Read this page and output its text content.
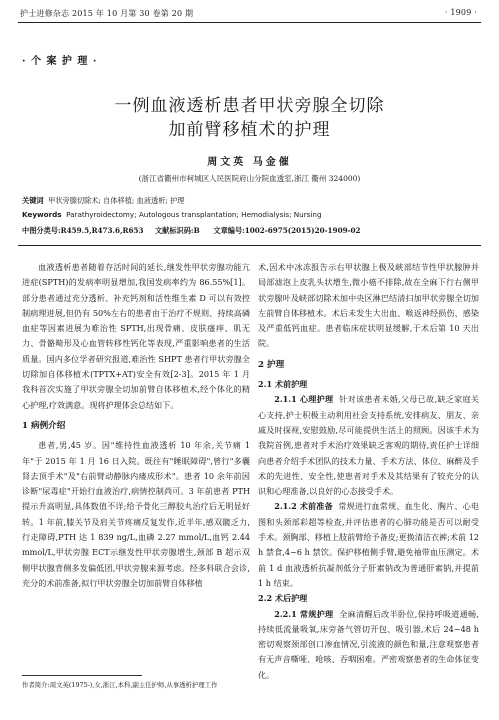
护士进修杂志 2015 年 10 月第 30 卷第 20 期	· 1909 ·
· 个 案 护 理 ·
一例血液透析患者甲状旁腺全切除
加前臂移植术的护理
周文英 马金催
(浙江省衢州市柯城区人民医院府山分院血透室,浙江 衢州 324000)
关键词 甲状旁腺切除术; 自体移植; 血液透析; 护理
Keywords Parathyroidectomy; Autologous transplantation; Hemodialysis; Nursing
中图分类号:R459.5,R473.6,R653 文献标识码:B 文章编号:1002-6975(2015)20-1909-02

血液透析患者随着存活时间的延长,继发性甲状旁腺功能亢进症(SPTH)的发病率明显增加,我国发病率约为 86.55%[1]。部分患者通过充分透析、补充钙剂和活性维生素 D 可以有效控制病理进展,但仍有 50%左右的患者由于治疗不规则、持续高磷血症等因素进展为难治性 SPTH,出现骨痛、皮肤瘙痒、肌无力、骨骼畸形及心血管转移性钙化等表现,严重影响患者的生活质量。国内多位学者研究报道,难治性 SHPT 患者行甲状旁腺全切除加自体移植术(TPTX+AT)安全有效[2-3]。2015 年 1 月我科首次实施了甲状旁腺全切加前臂自体移植术,经个体化的精心护理,疗效满意。现将护理体会总结如下。

1 病例介绍

患者,男,45 岁。因"维持性血液透析 10 年余,关节痛 1 年"于 2015 年 1 月 16 日入院。既往有"睡眠障碍",曾行"多囊肾去顶手术"及"右前臂动静脉内瘘成形术"。患者 10 余年前因诊断"尿毒症"开始行血液治疗,病情控制尚可。3 年前患者 PTH 提示升高明显,具体数值不详;给予骨化三醇胶丸治疗后无明显好转。1 年前,膝关节及肩关节疼痛反复发作,近半年,感双髋乏力,行走障碍,PTH 达 1 839 ng/L,血磷 2.27 mmol/L,血钙 2.44 mmol/L,甲状旁腺 ECT示继发性甲状旁腺增生,颈部 B 超示双侧甲状腺背侧多发偏低团,甲状旁腺来源考虑。经多科联合会诊,充分的术前准备,拟行甲状旁腺全切加前臂自体移植

术,因术中冰冻报告示右甲状腺上极及峡部结节性甲状腺肿并局部滤泡上皮乳头状增生,微小癌不排除,故在全麻下行右侧甲状旁腺叶及峡部切除术加中央区淋巴结清扫加甲状旁腺全切加左前臂自体移植术。术后未发生大出血、喉返神经损伤、感染及严重低钙血症。患者临床症状明显缓解,于术后第 10 天出院。

2 护理
2.1 术前护理

2.1.1 心理护理 针对该患者未婚,父母已故,缺乏家庭关心支持,护士积极主动利用社会支持系统,安排病友、朋友、亲戚及时探视,安慰鼓励,尽可能提供生活上的照顾。因该手术为我院首例,患者对手术治疗效果缺乏客观的期待,责任护士详细向患者介绍手术团队的技术力量、手术方法、体位、麻醉及手术的先进性、安全性,使患者对手术及其结果有了较充分的认识和心理准备,以良好的心态接受手术。

2.1.2 术前准备 常规进行血常规、血生化、胸片、心电图和头颈部彩超等检查,并评估患者的心肺功能是否可以耐受手术。颈胸部、移植上肢前臂给予备皮;更换清洁衣裤;术前 12 h 禁食,4~6 h 禁饮。保护移植侧手臂,避免袖带血压测定。术前 1 d 血液透析抗凝剂低分子肝素钠改为普通肝素钠,并提前 1 h 结束。

2.2 术后护理

2.2.1 常规护理 全麻清醒后改半卧位,保持呼吸道通畅,持续低流量吸氧,床旁备气管切开包、吸引器,术后 24~48 h 密切观察颈部创口渗血情况,引流液的颜色和量,注意观察患者有无声音嘶哑、呛咳、吞咽困难。严密观察患者的生命体征变化。

作者简介:周文英(1975-),女,浙江,本科,副主任护师,从事透析护理工作
